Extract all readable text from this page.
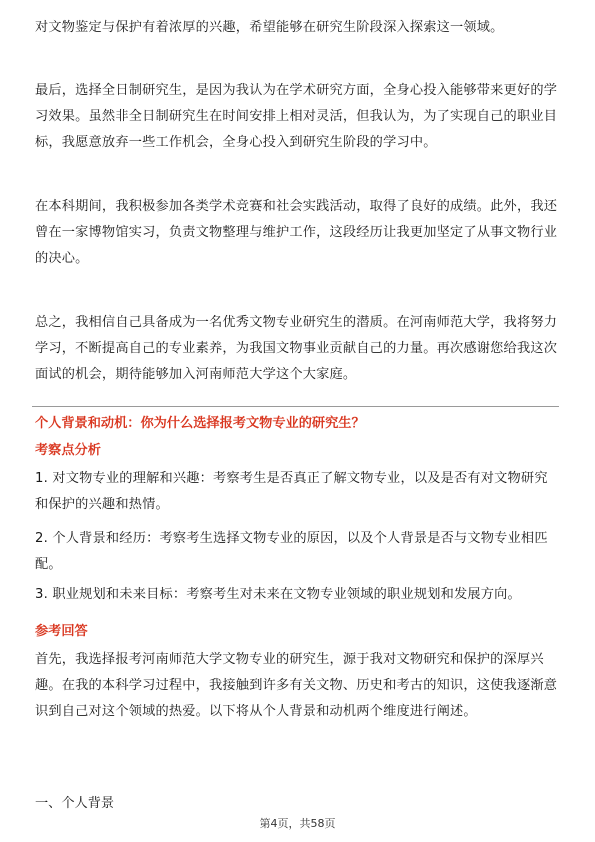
对文物鉴定与保护有着浓厚的兴趣，希望能够在研究生阶段深入探索这一领域。

最后，选择全日制研究生，是因为我认为在学术研究方面，全身心投入能够带来更好的学习效果。虽然非全日制研究生在时间安排上相对灵活，但我认为，为了实现自己的职业目标，我愿意放弃一些工作机会，全身心投入到研究生阶段的学习中。

在本科期间，我积极参加各类学术竞赛和社会实践活动，取得了良好的成绩。此外，我还曾在一家博物馆实习，负责文物整理与维护工作，这段经历让我更加坚定了从事文物行业的决心。

总之，我相信自己具备成为一名优秀文物专业研究生的潜质。在河南师范大学，我将努力学习，不断提高自己的专业素养，为我国文物事业贡献自己的力量。再次感谢您给我这次面试的机会，期待能够加入河南师范大学这个大家庭。

个人背景和动机：你为什么选择报考文物专业的研究生？

考察点分析

1. 对文物专业的理解和兴趣：考察考生是否真正了解文物专业，以及是否有对文物研究和保护的兴趣和热情。

2. 个人背景和经历：考察考生选择文物专业的原因，以及个人背景是否与文物专业相匹配。

3. 职业规划和未来目标：考察考生对未来在文物专业领域的职业规划和发展方向。

参考回答

首先，我选择报考河南师范大学文物专业的研究生，源于我对文物研究和保护的深厚兴趣。在我的本科学习过程中，我接触到许多有关文物、历史和考古的知识，这使我逐渐意识到自己对这个领域的热爱。以下将从个人背景和动机两个维度进行阐述。

一、个人背景

第4页，共58页
